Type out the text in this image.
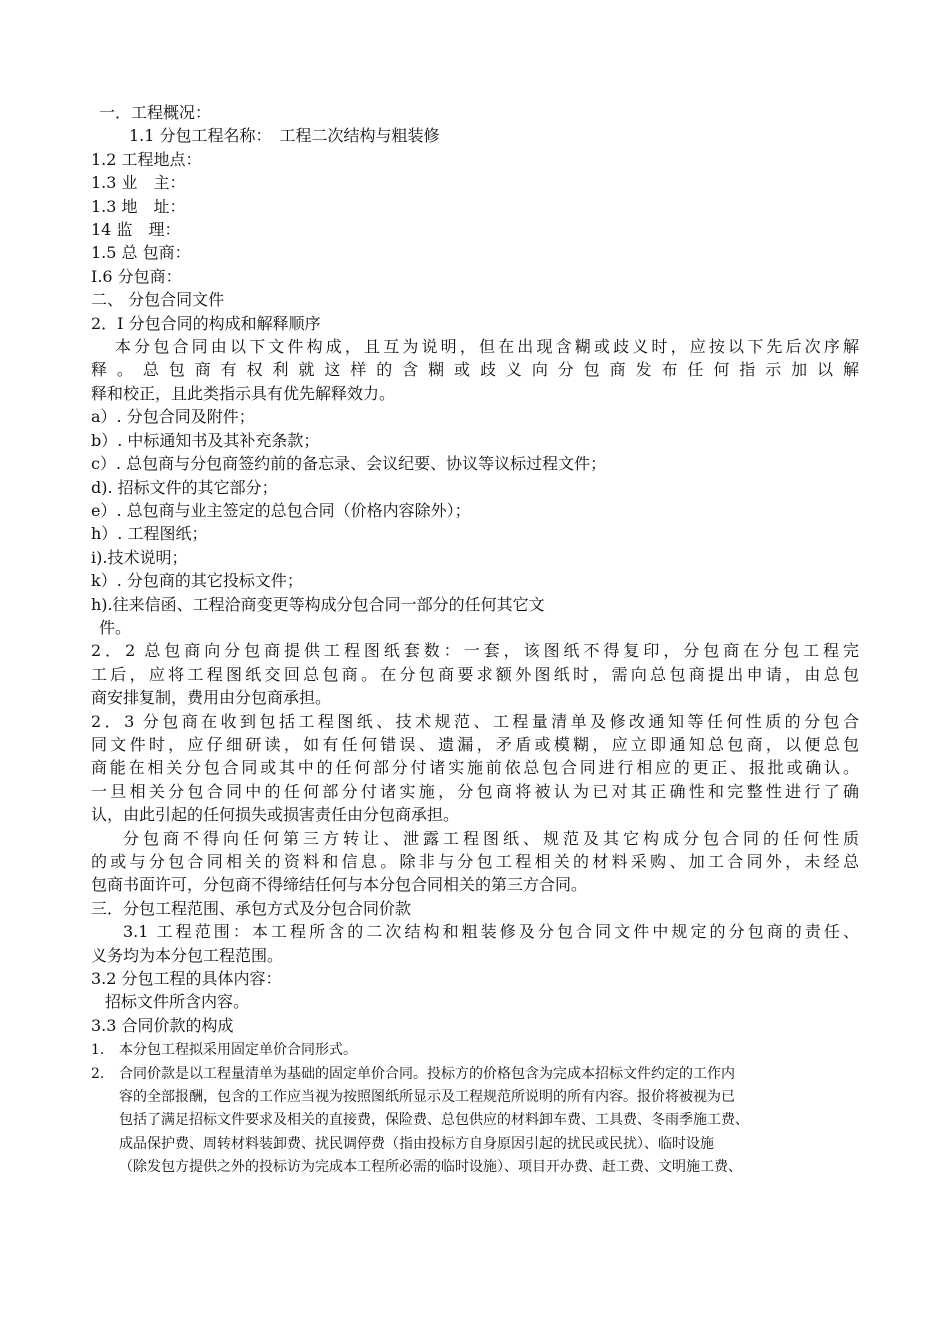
一．工程概况：
1.1 分包工程名称：　工程二次结构与粗装修
1.2 工程地点：
1.3 业　主：
1.3 地　址：
14 监　理：
1.5 总 包商：
I.6 分包商：
二、 分包合同文件
2．I 分包合同的构成和解释顺序
本分包合同由以下文件构成，且互为说明，但在出现含糊或歧义时，应按以下先后次序解
释。总包商有权利就这样的含糊或歧义向分包商发布任何指示加以解
释和校正，且此类指示具有优先解释效力。
a）. 分包合同及附件；
b）. 中标通知书及其补充条款；
c）. 总包商与分包商签约前的备忘录、会议纪要、协议等议标过程文件；
d). 招标文件的其它部分；
e）. 总包商与业主签定的总包合同（价格内容除外）；
h）. 工程图纸；
i).技术说明；
k）. 分包商的其它投标文件；
h).往来信函、工程洽商变更等构成分包合同一部分的任何其它文
件。
2．2 总包商向分包商提供工程图纸套数：一套，该图纸不得复印，分包商在分包工程完
工后，应将工程图纸交回总包商。在分包商要求额外图纸时，需向总包商提出申请，由总包
商安排复制，费用由分包商承担。
2．3 分包商在收到包括工程图纸、技术规范、工程量清单及修改通知等任何性质的分包合
同文件时，应仔细研读，如有任何错误、遗漏，矛盾或模糊，应立即通知总包商，以便总包
商能在相关分包合同或其中的任何部分付诸实施前依总包合同进行相应的更正、报批或确认。
一旦相关分包合同中的任何部分付诸实施，分包商将被认为已对其正确性和完整性进行了确
认，由此引起的任何损失或损害责任由分包商承担。
分包商不得向任何第三方转让、泄露工程图纸、规范及其它构成分包合同的任何性质
的或与分包合同相关的资料和信息。除非与分包工程相关的材料采购、加工合同外，未经总
包商书面许可，分包商不得缔结任何与本分包合同相关的第三方合同。
三．分包工程范围、承包方式及分包合同价款
3.1 工程范围：本工程所含的二次结构和粗装修及分包合同文件中规定的分包商的责任、
义务均为本分包工程范围。
3.2 分包工程的具体内容：
招标文件所含内容。
3.3 合同价款的构成
1. 本分包工程拟采用固定单价合同形式。
2. 合同价款是以工程量清单为基础的固定单价合同。投标方的价格包含为完成本招标文件约定的工作内
容的全部报酬，包含的工作应当视为按照图纸所显示及工程规范所说明的所有内容。报价将被视为已
包括了满足招标文件要求及相关的直接费，保险费、总包供应的材料卸车费、工具费、冬雨季施工费、
成品保护费、周转材料装卸费、扰民调停费（指由投标方自身原因引起的扰民或民扰）、临时设施
（除发包方提供之外的投标访为完成本工程所必需的临时设施）、项目开办费、赶工费、文明施工费、
